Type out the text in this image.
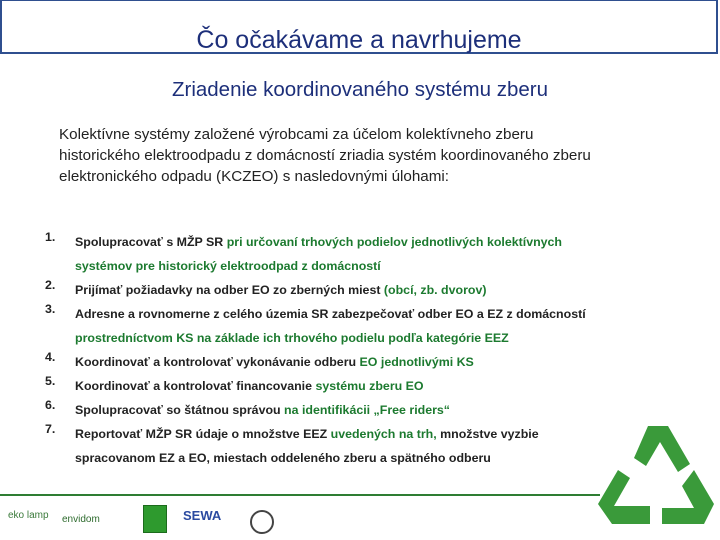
Čo očakávame a navrhujeme
Zriadenie koordinovaného systému zberu
Kolektívne systémy založené výrobcami za účelom kolektívneho zberu
historického elektroodpadu z domácností zriadia systém koordinovaného zberu
elektronického odpadu (KCZEO) s nasledovnými úlohami:
1. Spolupracovať s MŽP SR pri určovaní trhových podielov jednotlivých kolektívnych
systémov pre historický elektroodpad z domácností
2. Prijímať požiadavky na odber EO zo zberných miest (obcí, zb. dvorov)
3. Adresne a rovnomerne z celého územia SR zabezpečovať odber EO a EZ z domácností
prostredníctvom KS na základe ich trhového podielu podľa kategórie EEZ
4. Koordinovať a kontrolovať vykonávanie odberu EO jednotlivými KS
5. Koordinovať a kontrolovať financovanie systému zberu EO
6. Spolupracovať so štátnou správou na identifikácii „Free riders“
7. Reportovať MŽP SR údaje o množstve EEZ uvedených na trh, množstve vyzbie
spracovanom EZ a EO, miestach oddeleného zberu a spätného odberu
eko lamp envidom	SEWA
